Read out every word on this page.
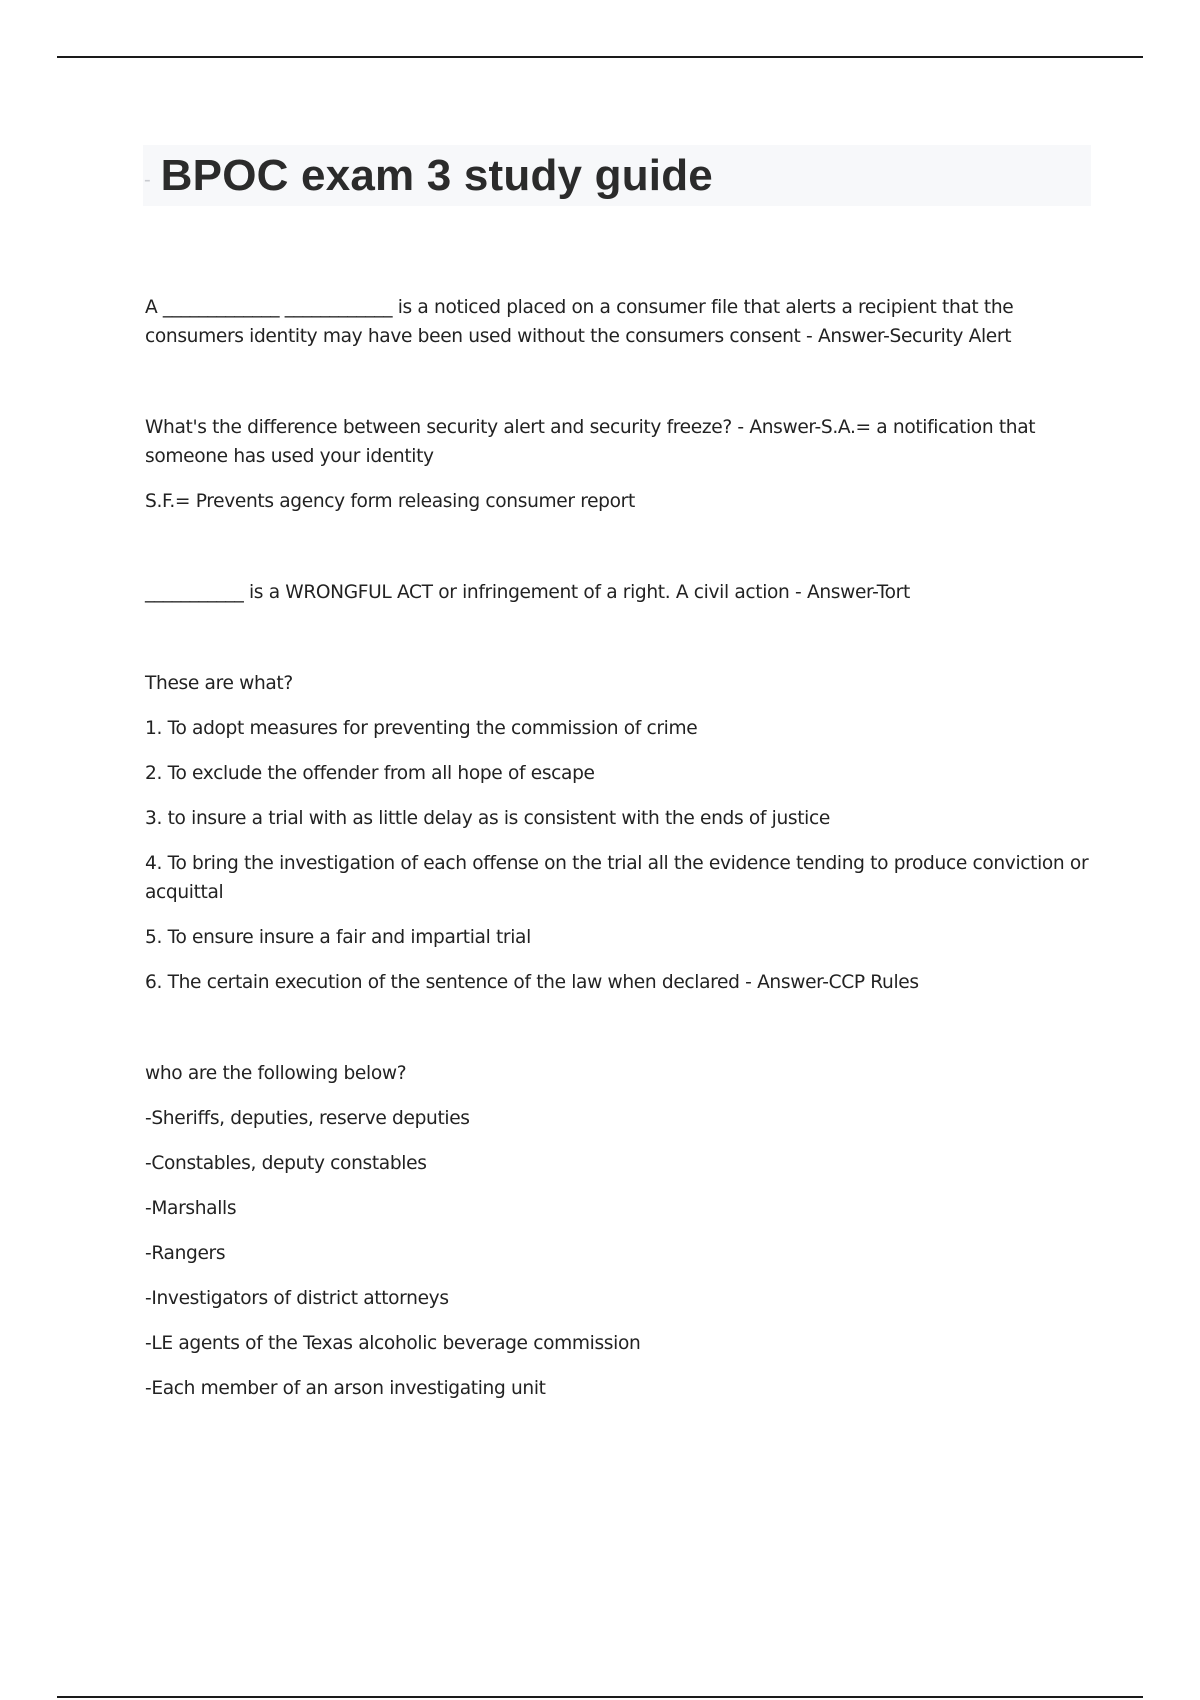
- BPOC exam 3 study guide

A _____________ ____________ is a noticed placed on a consumer file that alerts a recipient that the consumers identity may have been used without the consumers consent - Answer-Security Alert

What's the difference between security alert and security freeze? - Answer-S.A.= a notification that someone has used your identity

S.F.= Prevents agency form releasing consumer report

___________ is a WRONGFUL ACT or infringement of a right. A civil action - Answer-Tort

These are what?

1. To adopt measures for preventing the commission of crime

2. To exclude the offender from all hope of escape

3. to insure a trial with as little delay as is consistent with the ends of justice

4. To bring the investigation of each offense on the trial all the evidence tending to produce conviction or acquittal

5. To ensure insure a fair and impartial trial

6. The certain execution of the sentence of the law when declared - Answer-CCP Rules

who are the following below?

-Sheriffs, deputies, reserve deputies

-Constables, deputy constables

-Marshalls

-Rangers

-Investigators of district attorneys

-LE agents of the Texas alcoholic beverage commission

-Each member of an arson investigating unit
